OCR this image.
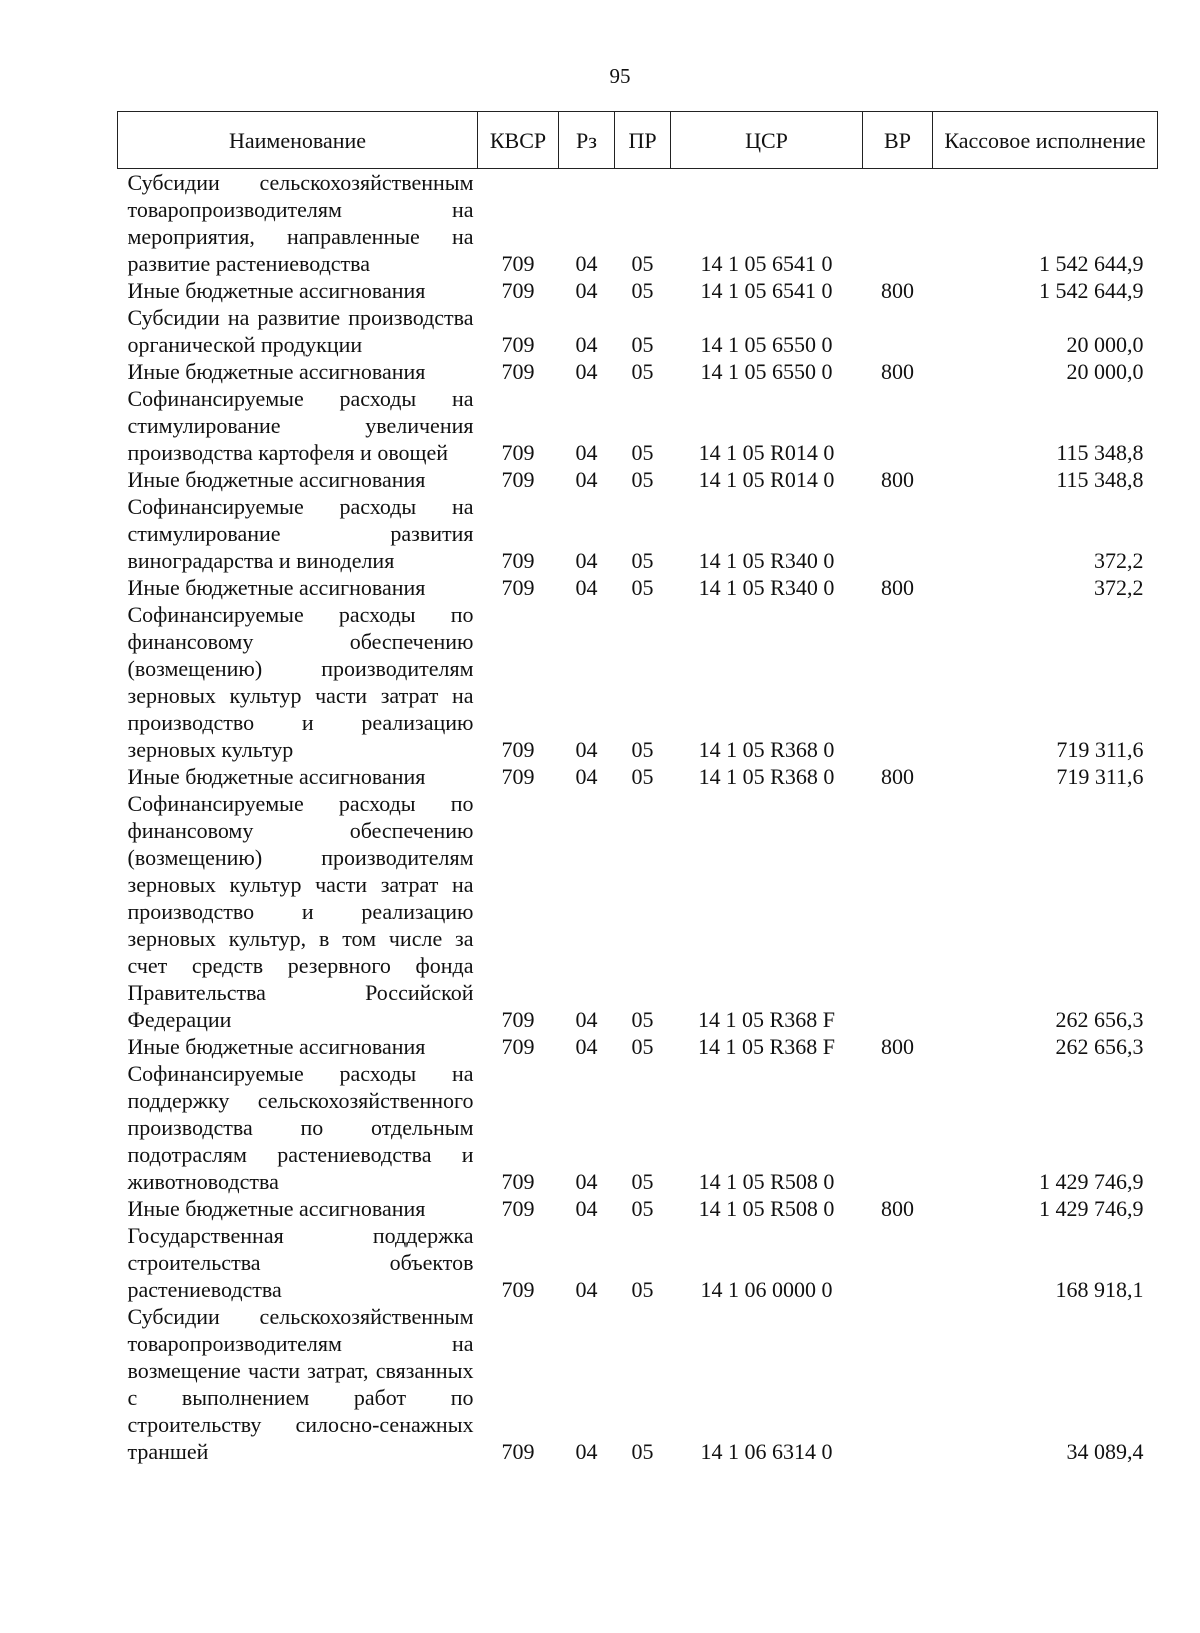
95
Наименование	КВСР	Рз	ПР	ЦСР	ВР	Кассовое исполнение
Субсидии сельскохозяйственным товаропроизводителям на мероприятия, направленные на развитие растениеводства	709	04	05	14 1 05 6541 0		1 542 644,9
Иные бюджетные ассигнования	709	04	05	14 1 05 6541 0	800	1 542 644,9
Субсидии на развитие производства органической продукции	709	04	05	14 1 05 6550 0		20 000,0
Иные бюджетные ассигнования	709	04	05	14 1 05 6550 0	800	20 000,0
Софинансируемые расходы на стимулирование увеличения производства картофеля и овощей	709	04	05	14 1 05 R014 0		115 348,8
Иные бюджетные ассигнования	709	04	05	14 1 05 R014 0	800	115 348,8
Софинансируемые расходы на стимулирование развития виноградарства и виноделия	709	04	05	14 1 05 R340 0		372,2
Иные бюджетные ассигнования	709	04	05	14 1 05 R340 0	800	372,2
Софинансируемые расходы по финансовому обеспечению (возмещению) производителям зерновых культур части затрат на производство и реализацию зерновых культур	709	04	05	14 1 05 R368 0		719 311,6
Иные бюджетные ассигнования	709	04	05	14 1 05 R368 0	800	719 311,6
Софинансируемые расходы по финансовому обеспечению (возмещению) производителям зерновых культур части затрат на производство и реализацию зерновых культур, в том числе за счет средств резервного фонда Правительства Российской Федерации	709	04	05	14 1 05 R368 F		262 656,3
Иные бюджетные ассигнования	709	04	05	14 1 05 R368 F	800	262 656,3
Софинансируемые расходы на поддержку сельскохозяйственного производства по отдельным подотраслям растениеводства и животноводства	709	04	05	14 1 05 R508 0		1 429 746,9
Иные бюджетные ассигнования	709	04	05	14 1 05 R508 0	800	1 429 746,9
Государственная поддержка строительства объектов растениеводства	709	04	05	14 1 06 0000 0		168 918,1
Субсидии сельскохозяйственным товаропроизводителям на возмещение части затрат, связанных с выполнением работ по строительству силосно-сенажных траншей	709	04	05	14 1 06 6314 0		34 089,4
